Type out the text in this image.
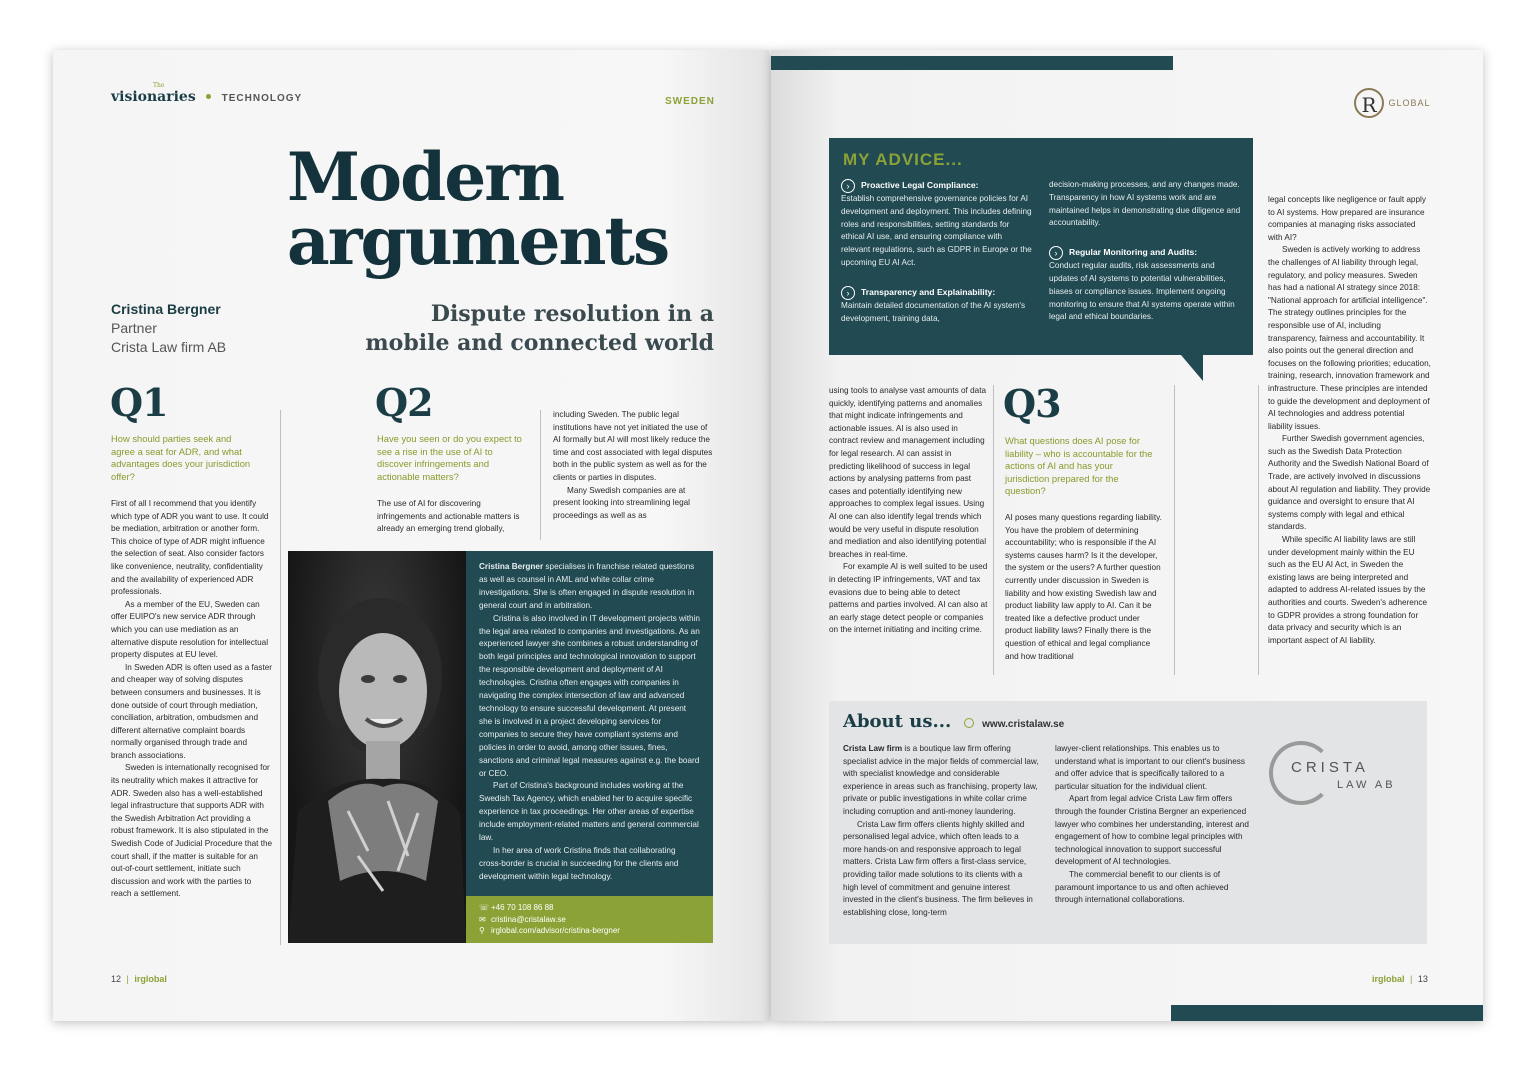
The
visionaries	TECHNOLOGY	SWEDEN
Modern
arguments
Dispute resolution in a
mobile and connected world
Cristina Bergner
Partner
Crista Law firm AB
Q1
How should parties seek and agree a seat for ADR, and what advantages does your jurisdiction offer?

First of all I recommend that you identify which type of ADR you want to use. It could be mediation, arbitration or another form. This choice of type of ADR might influence the selection of seat. Also consider factors like convenience, neutrality, confidentiality and the availability of experienced ADR professionals.

As a member of the EU, Sweden can offer EUIPO's new service ADR through which you can use mediation as an alternative dispute resolution for intellectual property disputes at EU level.

In Sweden ADR is often used as a faster and cheaper way of solving disputes between consumers and businesses. It is done outside of court through mediation, conciliation, arbitration, ombudsmen and different alternative complaint boards normally organised through trade and branch associations.

Sweden is internationally recognised for its neutrality which makes it attractive for ADR. Sweden also has a well-established legal infrastructure that supports ADR with the Swedish Arbitration Act providing a robust framework. It is also stipulated in the Swedish Code of Judicial Procedure that the court shall, if the matter is suitable for an out-of-court settlement, initiate such discussion and work with the parties to reach a settlement.

Q2
Have you seen or do you expect to see a rise in the use of AI to discover infringements and actionable matters?
The use of AI for discovering infringements and actionable matters is already an emerging trend globally,

including Sweden. The public legal institutions have not yet initiated the use of AI formally but AI will most likely reduce the time and cost associated with legal disputes both in the public system as well as for the clients or parties in disputes.

Many Swedish companies are at present looking into streamlining legal proceedings as well as as

Cristina Bergner specialises in franchise related questions as well as counsel in AML and white collar crime investigations. She is often engaged in dispute resolution in general court and in arbitration.

Cristina is also involved in IT development projects within the legal area related to companies and investigations. As an experienced lawyer she combines a robust understanding of both legal principles and technological innovation to support the responsible development and deployment of AI technologies. Cristina often engages with companies in navigating the complex intersection of law and advanced technology to ensure successful development. At present she is involved in a project developing services for companies to secure they have compliant systems and policies in order to avoid, among other issues, fines, sanctions and criminal legal measures against e.g. the board or CEO.

Part of Cristina's background includes working at the Swedish Tax Agency, which enabled her to acquire specific experience in tax proceedings. Her other areas of expertise include employment-related matters and general commercial law.

In her area of work Cristina finds that collaborating cross-border is crucial in succeeding for the clients and development within legal technology.

☏ +46 70 108 86 88
✉ cristina@cristalaw.se
⚲ irglobal.com/advisor/cristina-bergner
12 | irglobal
R GLOBAL
MY ADVICE...
› Proactive Legal Compliance:
Establish comprehensive governance policies for AI development and deployment. This includes defining roles and responsibilities, setting standards for ethical AI use, and ensuring compliance with relevant regulations, such as GDPR in Europe or the upcoming EU AI Act.
› Transparency and Explainability:
Maintain detailed documentation of the AI system's development, training data,
decision-making processes, and any changes made. Transparency in how AI systems work and are maintained helps in demonstrating due diligence and accountability.
› Regular Monitoring and Audits:
Conduct regular audits, risk assessments and updates of AI systems to potential vulnerabilities, biases or compliance issues. Implement ongoing monitoring to ensure that AI systems operate within legal and ethical boundaries.

using tools to analyse vast amounts of data quickly, identifying patterns and anomalies that might indicate infringements and actionable issues. AI is also used in contract review and management including for legal research. AI can assist in predicting likelihood of success in legal actions by analysing patterns from past cases and potentially identifying new approaches to complex legal issues. Using AI one can also identify legal trends which would be very useful in dispute resolution and mediation and also identifying potential breaches in real-time.

For example AI is well suited to be used in detecting IP infringements, VAT and tax evasions due to being able to detect patterns and parties involved. AI can also at an early stage detect people or companies on the internet initiating and inciting crime.

Q3
What questions does AI pose for liability – who is accountable for the actions of AI and has your jurisdiction prepared for the question?
AI poses many questions regarding liability. You have the problem of determining accountability; who is responsible if the AI systems causes harm? Is it the developer, the system or the users? A further question currently under discussion in Sweden is liability and how existing Swedish law and product liability law apply to AI. Can it be treated like a defective product under product liability laws? Finally there is the question of ethical and legal compliance and how traditional

legal concepts like negligence or fault apply to AI systems. How prepared are insurance companies at managing risks associated with AI?

Sweden is actively working to address the challenges of AI liability through legal, regulatory, and policy measures. Sweden has had a national AI strategy since 2018: "National approach for artificial intelligence". The strategy outlines principles for the responsible use of AI, including transparency, fairness and accountability. It also points out the general direction and focuses on the following priorities; education, training, research, innovation framework and infrastructure. These principles are intended to guide the development and deployment of AI technologies and address potential liability issues.

Further Swedish government agencies, such as the Swedish Data Protection Authority and the Swedish National Board of Trade, are actively involved in discussions about AI regulation and liability. They provide guidance and oversight to ensure that AI systems comply with legal and ethical standards.

While specific AI liability laws are still under development mainly within the EU such as the EU AI Act, in Sweden the existing laws are being interpreted and adapted to address AI-related issues by the authorities and courts. Sweden's adherence to GDPR provides a strong foundation for data privacy and security which is an important aspect of AI liability.

About us...	www.cristalaw.se

Crista Law firm is a boutique law firm offering specialist advice in the major fields of commercial law, with specialist knowledge and considerable experience in areas such as franchising, property law, private or public investigations in white collar crime including corruption and anti-money laundering.

Crista Law firm offers clients highly skilled and personalised legal advice, which often leads to a more hands-on and responsive approach to legal matters. Crista Law firm offers a first-class service, providing tailor made solutions to its clients with a high level of commitment and genuine interest invested in the client's business. The firm believes in establishing close, long-term

lawyer-client relationships. This enables us to understand what is important to our client's business and offer advice that is specifically tailored to a particular situation for the individual client.

Apart from legal advice Crista Law firm offers through the founder Cristina Bergner an experienced lawyer who combines her understanding, interest and engagement of how to combine legal principles with technological innovation to support successful development of AI technologies.

The commercial benefit to our clients is of paramount importance to us and often achieved through international collaborations.

CRISTA
LAW AB
irglobal | 13
